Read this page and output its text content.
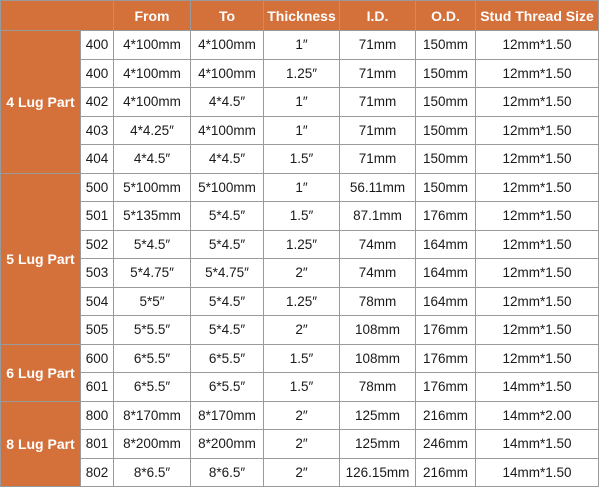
		From	To	Thickness	I.D.	O.D.	Stud Thread Size
4 Lug Part	400	4*100mm	4*100mm	1″	71mm	150mm	12mm*1.50
	400	4*100mm	4*100mm	1.25″	71mm	150mm	12mm*1.50
	402	4*100mm	4*4.5″	1″	71mm	150mm	12mm*1.50
	403	4*4.25″	4*100mm	1″	71mm	150mm	12mm*1.50
	404	4*4.5″	4*4.5″	1.5″	71mm	150mm	12mm*1.50
5 Lug Part	500	5*100mm	5*100mm	1″	56.11mm	150mm	12mm*1.50
	501	5*135mm	5*4.5″	1.5″	87.1mm	176mm	12mm*1.50
	502	5*4.5″	5*4.5″	1.25″	74mm	164mm	12mm*1.50
	503	5*4.75″	5*4.75″	2″	74mm	164mm	12mm*1.50
	504	5*5″	5*4.5″	1.25″	78mm	164mm	12mm*1.50
	505	5*5.5″	5*4.5″	2″	108mm	176mm	12mm*1.50
6 Lug Part	600	6*5.5″	6*5.5″	1.5″	108mm	176mm	12mm*1.50
	601	6*5.5″	6*5.5″	1.5″	78mm	176mm	14mm*1.50
8 Lug Part	800	8*170mm	8*170mm	2″	125mm	216mm	14mm*2.00
	801	8*200mm	8*200mm	2″	125mm	246mm	14mm*1.50
	802	8*6.5″	8*6.5″	2″	126.15mm	216mm	14mm*1.50
